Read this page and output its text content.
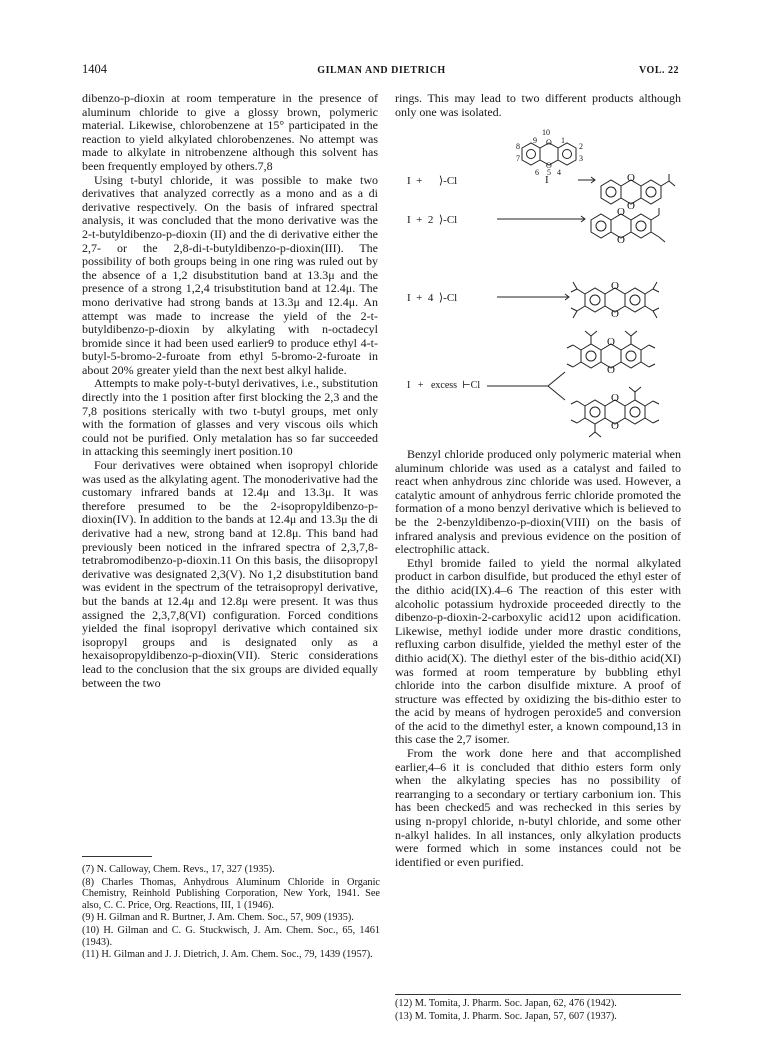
1404	GILMAN AND DIETRICH	VOL. 22

dibenzo-p-dioxin at room temperature in the presence of aluminum chloride to give a glossy brown, polymeric material. Likewise, chlorobenzene at 15° participated in the reaction to yield alkylated chlorobenzenes. No attempt was made to alkylate in nitrobenzene although this solvent has been frequently employed by others.7,8

Using t-butyl chloride, it was possible to make two derivatives that analyzed correctly as a mono and as a di derivative respectively. On the basis of infrared spectral analysis, it was concluded that the mono derivative was the 2-t-butyldibenzo-p-dioxin (II) and the di derivative either the 2,7- or the 2,8-di-t-butyldibenzo-p-dioxin(III). The possibility of both groups being in one ring was ruled out by the absence of a 1,2 disubstitution band at 13.3μ and the presence of a strong 1,2,4 trisubstitution band at 12.4μ. The mono derivative had strong bands at 13.3μ and 12.4μ. An attempt was made to increase the yield of the 2-t-butyldibenzo-p-dioxin by alkylating with n-octadecyl bromide since it had been used earlier9 to produce ethyl 4-t-butyl-5-bromo-2-furoate from ethyl 5-bromo-2-furoate in about 20% greater yield than the next best alkyl halide.

Attempts to make poly-t-butyl derivatives, i.e., substitution directly into the 1 position after first blocking the 2,3 and the 7,8 positions sterically with two t-butyl groups, met only with the formation of glasses and very viscous oils which could not be purified. Only metalation has so far succeeded in attacking this seemingly inert position.10

Four derivatives were obtained when isopropyl chloride was used as the alkylating agent. The monoderivative had the customary infrared bands at 12.4μ and 13.3μ. It was therefore presumed to be the 2-isopropyldibenzo-p-dioxin(IV). In addition to the bands at 12.4μ and 13.3μ the di derivative had a new, strong band at 12.8μ. This band had previously been noticed in the infrared spectra of 2,3,7,8-tetrabromodibenzo-p-dioxin.11 On this basis, the diisopropyl derivative was designated 2,3(V). No 1,2 disubstitution band was evident in the spectrum of the tetraisopropyl derivative, but the bands at 12.4μ and 12.8μ were present. It was thus assigned the 2,3,7,8(VI) configuration. Forced conditions yielded the final isopropyl derivative which contained six isopropyl groups and is designated only as a hexaisopropyldibenzo-p-dioxin(VII). Steric considerations lead to the conclusion that the six groups are divided equally between the two

(7) N. Calloway, Chem. Revs., 17, 327 (1935).

(8) Charles Thomas, Anhydrous Aluminum Chloride in Organic Chemistry, Reinhold Publishing Corporation, New York, 1941. See also, C. C. Price, Org. Reactions, III, 1 (1946).

(9) H. Gilman and R. Burtner, J. Am. Chem. Soc., 57, 909 (1935).

(10) H. Gilman and C. G. Stuckwisch, J. Am. Chem. Soc., 65, 1461 (1943).

(11) H. Gilman and J. J. Dietrich, J. Am. Chem. Soc., 79, 1439 (1957).

rings. This may lead to two different products although only one was isolated.

O
O
O
O
O
O
O
O
O
O
O
O
2
3
4
5
6
7
8
9
10
1
I
I  +      ⟩-Cl
I  +  2  ⟩-Cl
I  +  4  ⟩-Cl
I   +   excess  ⊢Cl

Benzyl chloride produced only polymeric material when aluminum chloride was used as a catalyst and failed to react when anhydrous zinc chloride was used. However, a catalytic amount of anhydrous ferric chloride promoted the formation of a mono benzyl derivative which is believed to be the 2-benzyldibenzo-p-dioxin(VIII) on the basis of infrared analysis and previous evidence on the position of electrophilic attack.

Ethyl bromide failed to yield the normal alkylated product in carbon disulfide, but produced the ethyl ester of the dithio acid(IX).4–6 The reaction of this ester with alcoholic potassium hydroxide proceeded directly to the dibenzo-p-dioxin-2-carboxylic acid12 upon acidification. Likewise, methyl iodide under more drastic conditions, refluxing carbon disulfide, yielded the methyl ester of the dithio acid(X). The diethyl ester of the bis-dithio acid(XI) was formed at room temperature by bubbling ethyl chloride into the carbon disulfide mixture. A proof of structure was effected by oxidizing the bis-dithio ester to the acid by means of hydrogen peroxide5 and conversion of the acid to the dimethyl ester, a known compound,13 in this case the 2,7 isomer.

From the work done here and that accomplished earlier,4–6 it is concluded that dithio esters form only when the alkylating species has no possibility of rearranging to a secondary or tertiary carbonium ion. This has been checked5 and was rechecked in this series by using n-propyl chloride, n-butyl chloride, and some other n-alkyl halides. In all instances, only alkylation products were formed which in some instances could not be identified or even purified.

(12) M. Tomita, J. Pharm. Soc. Japan, 62, 476 (1942).

(13) M. Tomita, J. Pharm. Soc. Japan, 57, 607 (1937).
